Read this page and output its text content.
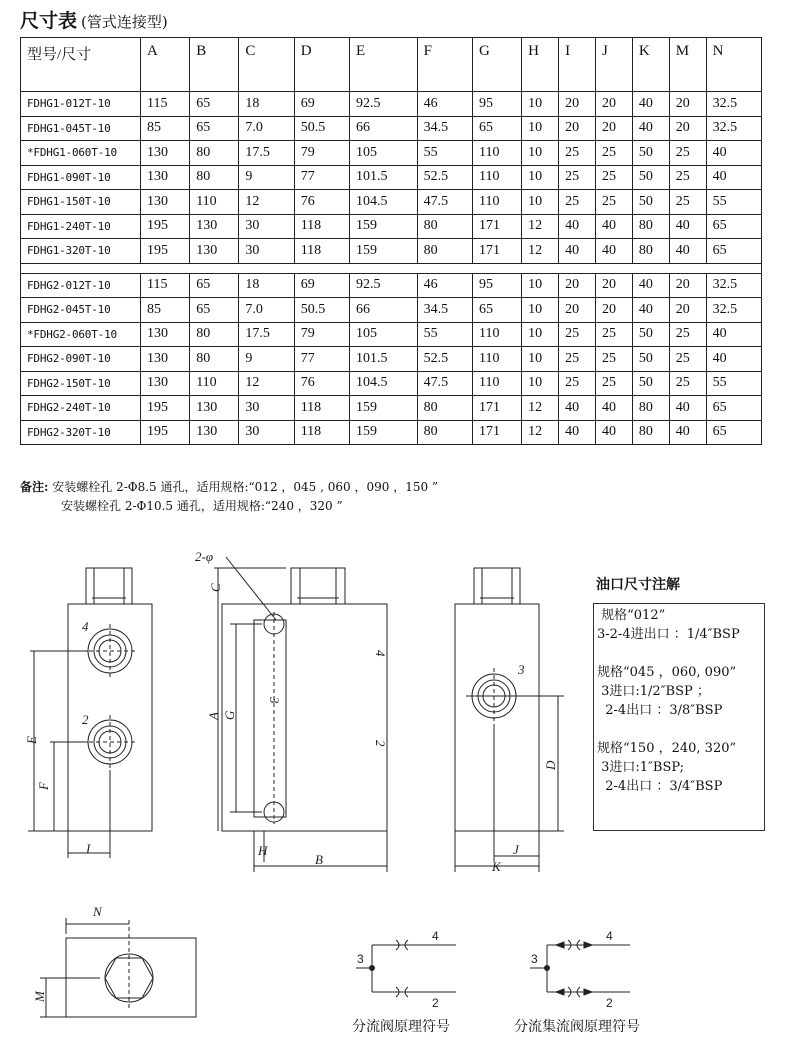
尺寸表 (管式连接型)
型号/尺寸	A	B	C	D	E	F	G	H	I	J	K	M	N
FDHG1-012T-10	115	65	18	69	92.5	46	95	10	20	20	40	20	32.5
FDHG1-045T-10	85	65	7.0	50.5	66	34.5	65	10	20	20	40	20	32.5
*FDHG1-060T-10	130	80	17.5	79	105	55	110	10	25	25	50	25	40
FDHG1-090T-10	130	80	9	77	101.5	52.5	110	10	25	25	50	25	40
FDHG1-150T-10	130	110	12	76	104.5	47.5	110	10	25	25	50	25	55
FDHG1-240T-10	195	130	30	118	159	80	171	12	40	40	80	40	65
FDHG1-320T-10	195	130	30	118	159	80	171	12	40	40	80	40	65

FDHG2-012T-10	115	65	18	69	92.5	46	95	10	20	20	40	20	32.5
FDHG2-045T-10	85	65	7.0	50.5	66	34.5	65	10	20	20	40	20	32.5
*FDHG2-060T-10	130	80	17.5	79	105	55	110	10	25	25	50	25	40
FDHG2-090T-10	130	80	9	77	101.5	52.5	110	10	25	25	50	25	40
FDHG2-150T-10	130	110	12	76	104.5	47.5	110	10	25	25	50	25	55
FDHG2-240T-10	195	130	30	118	159	80	171	12	40	40	80	40	65
FDHG2-320T-10	195	130	30	118	159	80	171	12	40	40	80	40	65
备注: 安装螺栓孔 2-Φ8.5 通孔，适用规格:“012 ，045 , 060 ，090 ，150 ”
安装螺栓孔 2-Φ10.5 通孔，适用规格:“240 ，320 ”
油口尺寸注解
规格“012”
3-2-4进出口 ：1/4″BSP
规格“045 ，060, 090”
3进口:1/2″BSP ；
2-4出口 ：3/8″BSP
规格“150 ，240, 320”
3进口:1″BSP;
2-4出口 ：3/4″BSP
2-φ
4
2
3
E
F
I
C
A G
H
B
3
4
2
D
J
K
N
M
3
4
2
3
4
2
分流阀原理符号	分流集流阀原理符号
